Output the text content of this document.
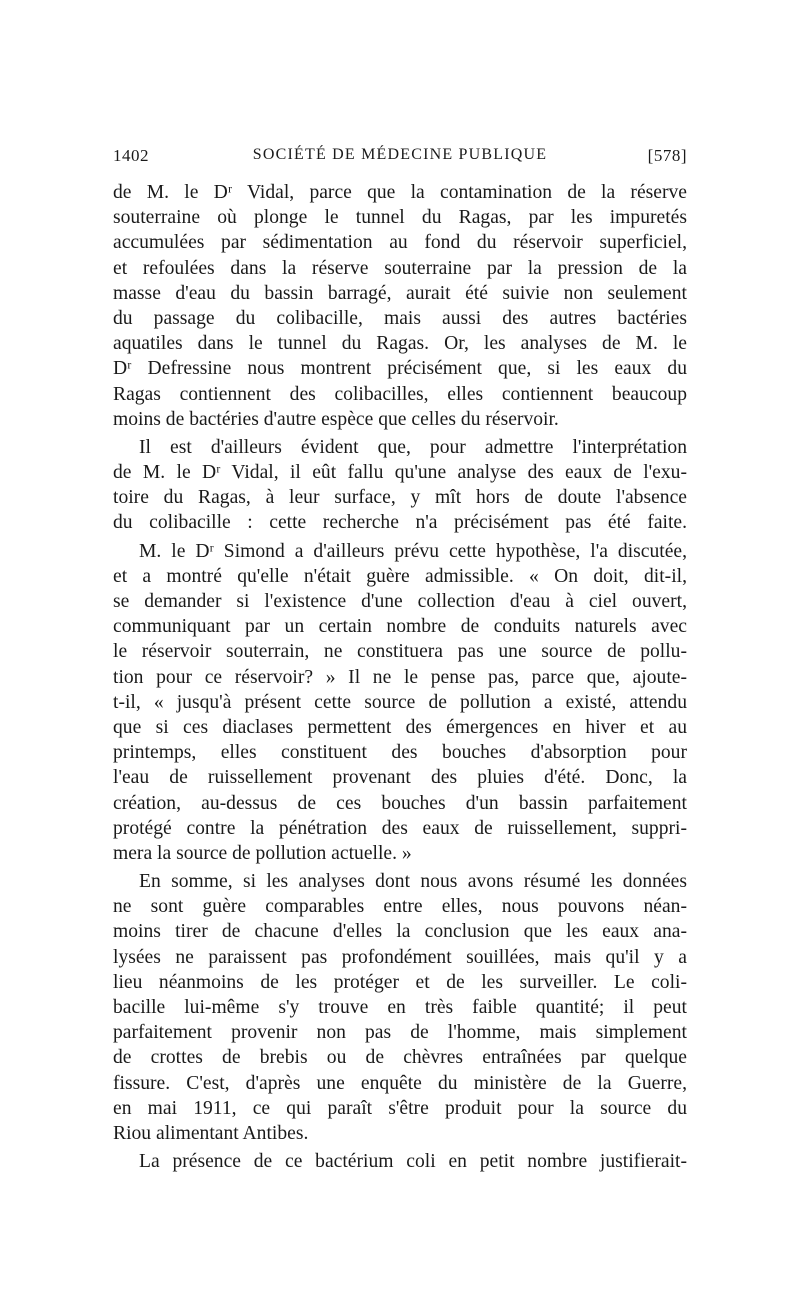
1402	SOCIÉTÉ DE MÉDECINE PUBLIQUE	[578]
de M. le Dʳ Vidal, parce que la contamination de la réserve
souterraine où plonge le tunnel du Ragas, par les impuretés
accumulées par sédimentation au fond du réservoir superficiel,
et refoulées dans la réserve souterraine par la pression de la
masse d'eau du bassin barragé, aurait été suivie non seulement
du passage du colibacille, mais aussi des autres bactéries
aquatiles dans le tunnel du Ragas. Or, les analyses de M. le
Dʳ Defressine nous montrent précisément que, si les eaux du
Ragas contiennent des colibacilles, elles contiennent beaucoup
moins de bactéries d'autre espèce que celles du réservoir.
Il est d'ailleurs évident que, pour admettre l'interprétation
de M. le Dʳ Vidal, il eût fallu qu'une analyse des eaux de l'exu-
toire du Ragas, à leur surface, y mît hors de doute l'absence
du colibacille : cette recherche n'a précisément pas été faite.
M. le Dʳ Simond a d'ailleurs prévu cette hypothèse, l'a discutée,
et a montré qu'elle n'était guère admissible. « On doit, dit-il,
se demander si l'existence d'une collection d'eau à ciel ouvert,
communiquant par un certain nombre de conduits naturels avec
le réservoir souterrain, ne constituera pas une source de pollu-
tion pour ce réservoir? » Il ne le pense pas, parce que, ajoute-
t-il, « jusqu'à présent cette source de pollution a existé, attendu
que si ces diaclases permettent des émergences en hiver et au
printemps, elles constituent des bouches d'absorption pour
l'eau de ruissellement provenant des pluies d'été. Donc, la
création, au-dessus de ces bouches d'un bassin parfaitement
protégé contre la pénétration des eaux de ruissellement, suppri-
mera la source de pollution actuelle. »
En somme, si les analyses dont nous avons résumé les données
ne sont guère comparables entre elles, nous pouvons néan-
moins tirer de chacune d'elles la conclusion que les eaux ana-
lysées ne paraissent pas profondément souillées, mais qu'il y a
lieu néanmoins de les protéger et de les surveiller. Le coli-
bacille lui-même s'y trouve en très faible quantité; il peut
parfaitement provenir non pas de l'homme, mais simplement
de crottes de brebis ou de chèvres entraînées par quelque
fissure. C'est, d'après une enquête du ministère de la Guerre,
en mai 1911, ce qui paraît s'être produit pour la source du
Riou alimentant Antibes.
La présence de ce bactérium coli en petit nombre justifierait-
